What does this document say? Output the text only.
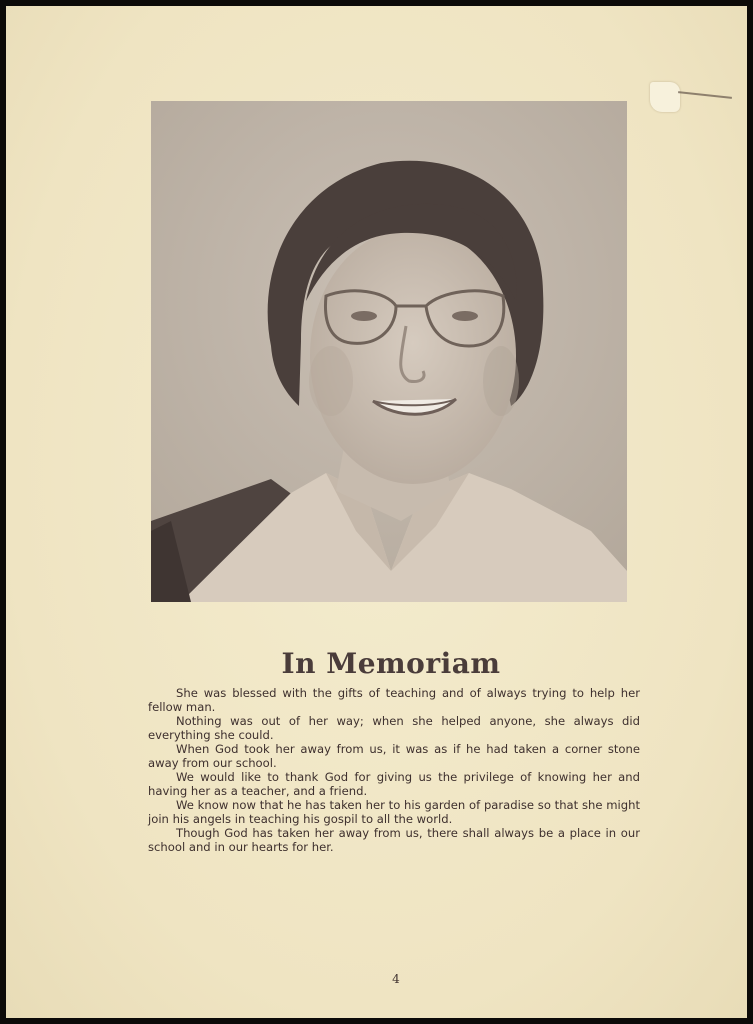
In Memoriam

She was blessed with the gifts of teaching and of always trying to help her fellow man.

Nothing was out of her way; when she helped anyone, she always did everything she could.

When God took her away from us, it was as if he had taken a corner stone away from our school.

We would like to thank God for giving us the privilege of knowing her and having her as a teacher, and a friend.

We know now that he has taken her to his garden of paradise so that she might join his angels in teaching his gospil to all the world.

Though God has taken her away from us, there shall always be a place in our school and in our hearts for her.

4
